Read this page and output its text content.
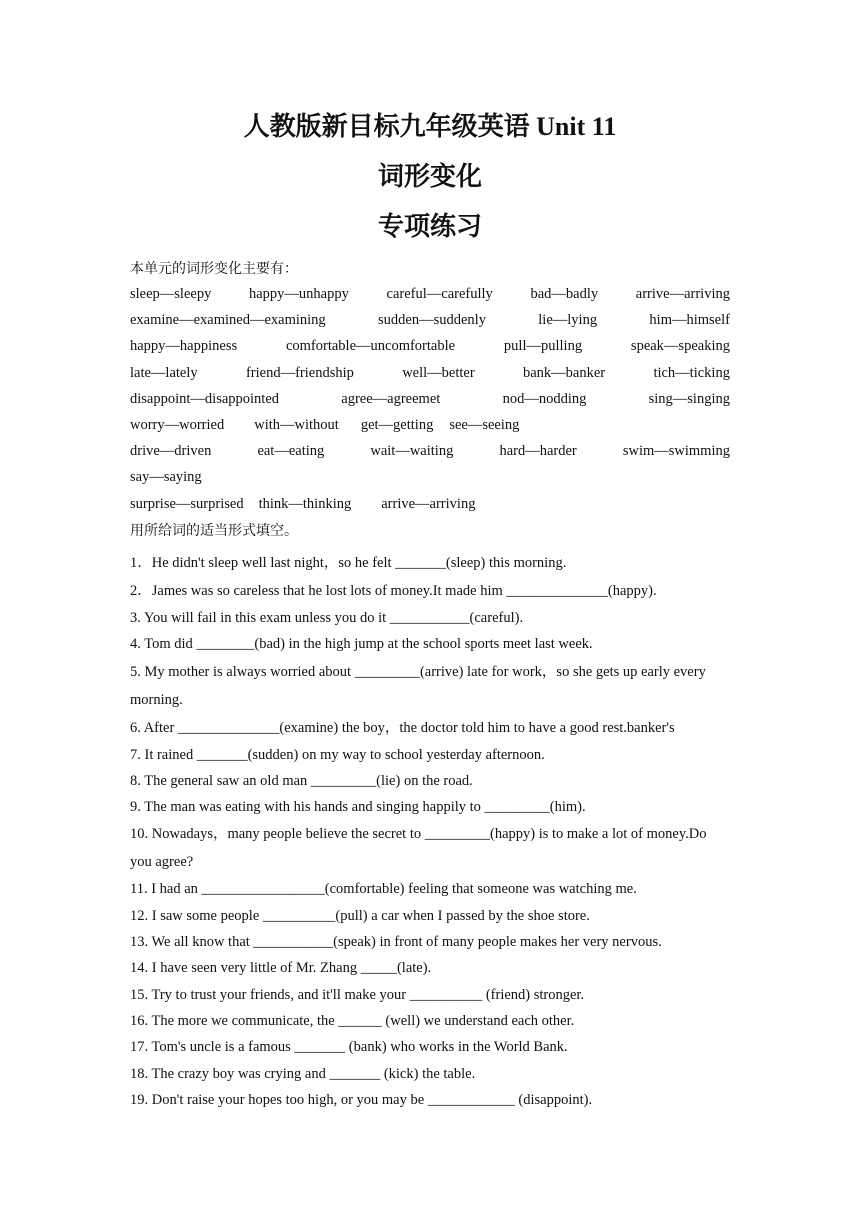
人教版新目标九年级英语 Unit 11
词形变化
专项练习
本单元的词形变化主要有：
sleep—sleepy	happy—unhappy	careful—carefully	bad—badly	arrive—arriving
examine—examined—examining	sudden—suddenly	lie—lying	him—himself
happy—happiness	comfortable—uncomfortable	pull—pulling	speak—speaking
late—lately	friend—friendship	well—better	bank—banker	tich—ticking
disappoint—disappointed	agree—agreemet	nod—nodding	sing—singing
worry—worried with—without get—getting see—seeing
drive—driven	eat—eating	wait—waiting	hard—harder	swim—swimming
say—saying
surprise—surprised think—thinking arrive—arriving
用所给词的适当形式填空。

1．He didn't sleep well last night，so he felt _______(sleep) this morning.

2．James was so careless that he lost lots of money.It made him ______________(happy).

3. You will fail in this exam unless you do it ___________(careful).

4. Tom did ________(bad) in the high jump at the school sports meet last week.

5. My mother is always worried about _________(arrive) late for work，so she gets up early every morning.

6. After ______________(examine) the boy，the doctor told him to have a good rest.banker's

7. It rained _______(sudden) on my way to school yesterday afternoon.

8. The general saw an old man _________(lie) on the road.

9. The man was eating with his hands and singing happily to _________(him).

10. Nowadays，many people believe the secret to _________(happy) is to make a lot of money.Do you agree?

11. I had an _________________(comfortable) feeling that someone was watching me.

12. I saw some people __________(pull) a car when I passed by the shoe store.

13. We all know that ___________(speak) in front of many people makes her very nervous.

14. I have seen very little of Mr. Zhang _____(late).

15. Try to trust your friends, and it'll make your __________ (friend) stronger.

16. The more we communicate, the ______ (well) we understand each other.

17. Tom's uncle is a famous _______ (bank) who works in the World Bank.

18. The crazy boy was crying and _______ (kick) the table.

19. Don't raise your hopes too high, or you may be ____________ (disappoint).
